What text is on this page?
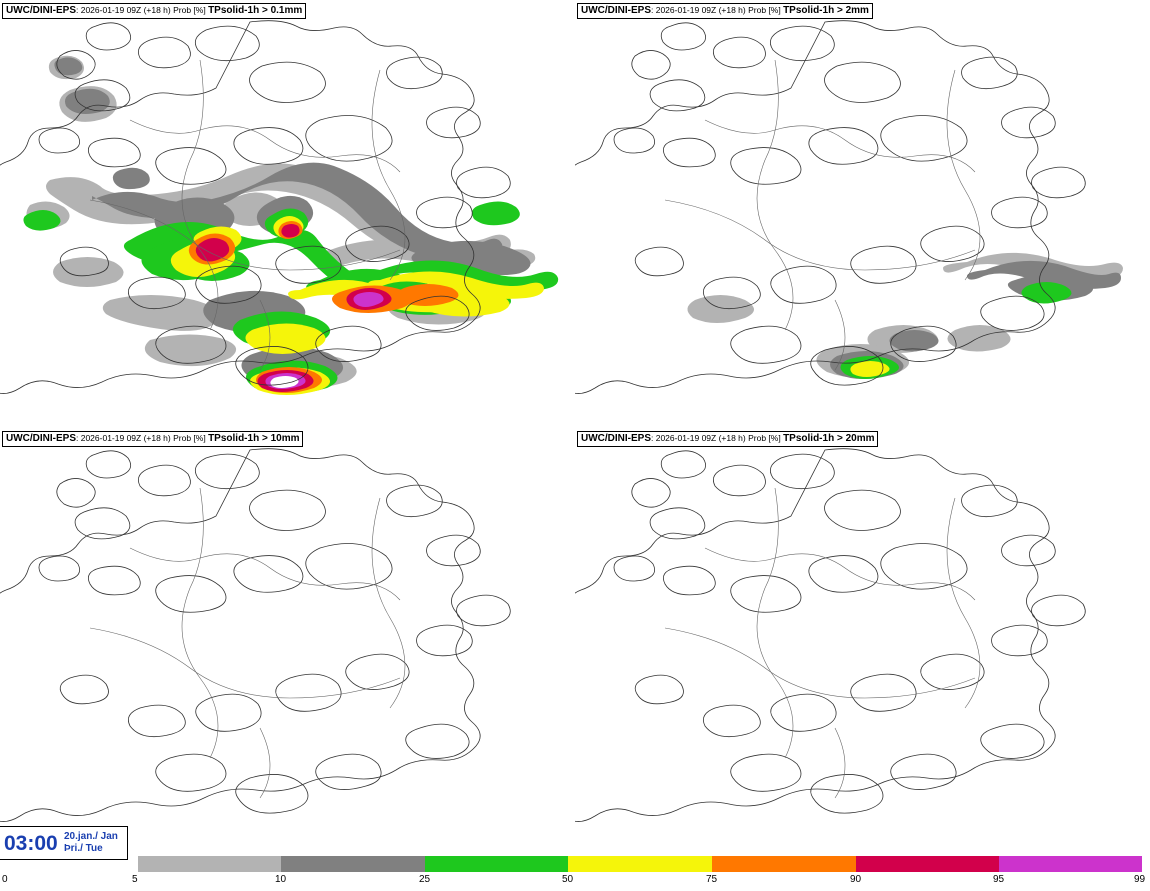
UWC/DINI-EPS: 2026-01-19 09Z (+18 h) Prob [%] TPsolid-1h > 0.1mm	UWC/DINI-EPS: 2026-01-19 09Z (+18 h) Prob [%] TPsolid-1h > 2mm
UWC/DINI-EPS: 2026-01-19 09Z (+18 h) Prob [%] TPsolid-1h > 10mm	UWC/DINI-EPS: 2026-01-19 09Z (+18 h) Prob [%] TPsolid-1h > 20mm
03:00 20.jan./ Jan
Þri./ Tue
0	5	10	25	50	75	90	95	99
